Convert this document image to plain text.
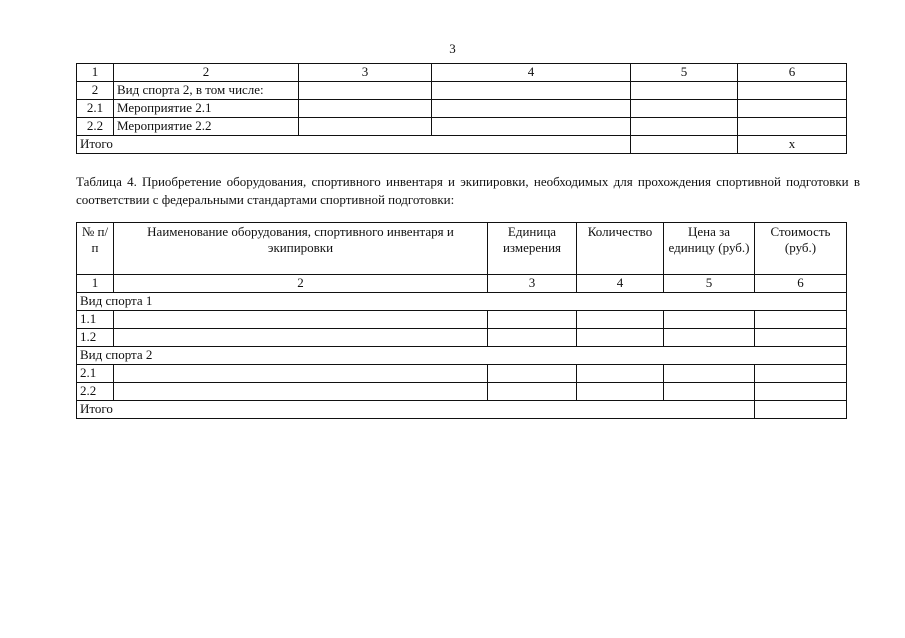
3
1	2	3	4	5	6
2	Вид спорта 2, в том числе:				
2.1	Мероприятие 2.1				
2.2	Мероприятие 2.2				
Итого					x
Таблица 4. Приобретение оборудования, спортивного инвентаря и экипировки, необходимых для прохождения спортивной подготовки в соответствии с федеральными стандартами спортивной подготовки:
№ п/п	Наименование оборудования, спортивного инвентаря и экипировки	Единица измерения	Количество	Цена за единицу (руб.)	Стоимость (руб.)
1	2	3	4	5	6
Вид спорта 1					
1.1					
1.2					
Вид спорта 2					
2.1					
2.2					
Итого					
